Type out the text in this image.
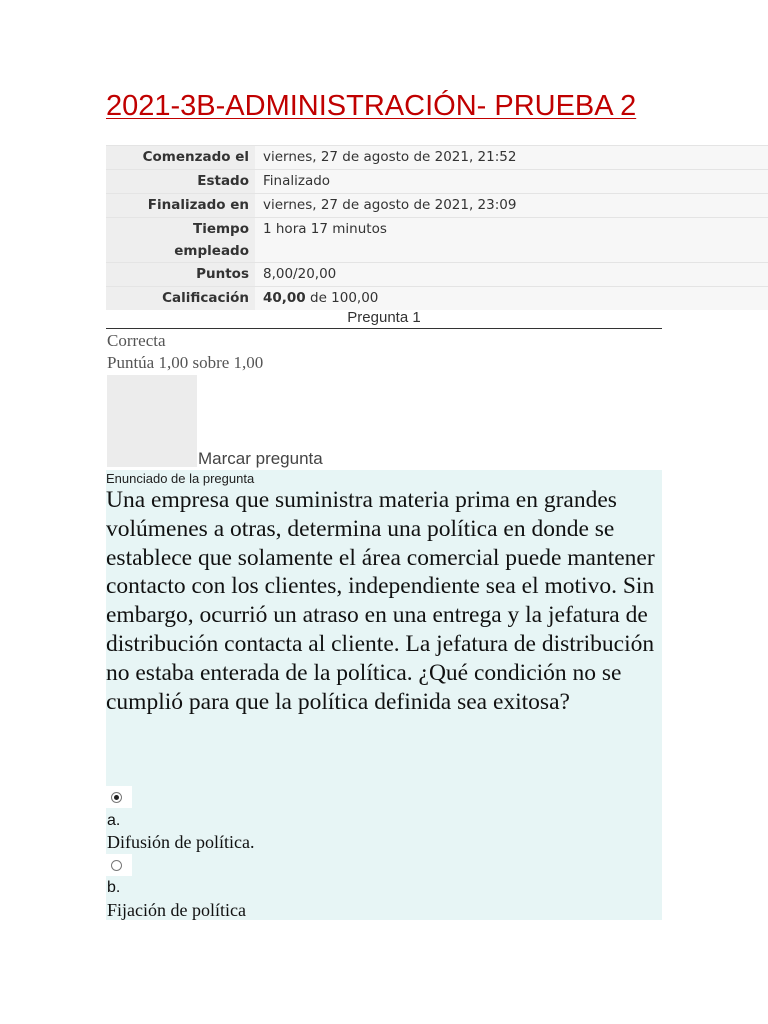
2021-3B-ADMINISTRACIÓN- PRUEBA 2
Comenzado el	viernes, 27 de agosto de 2021, 21:52
Estado	Finalizado
Finalizado en	viernes, 27 de agosto de 2021, 23:09
Tiempo
empleado	1 hora 17 minutos
Puntos	8,00/20,00
Calificación	40,00 de 100,00
Pregunta 1
Correcta
Puntúa 1,00 sobre 1,00
Marcar pregunta
Enunciado de la pregunta

Una empresa que suministra materia prima en grandes volúmenes a otras, determina una política en donde se establece que solamente el área comercial puede mantener contacto con los clientes, independiente sea el motivo. Sin embargo, ocurrió un atraso en una entrega y la jefatura de distribución contacta al cliente. La jefatura de distribución no estaba enterada de la política. ¿Qué condición no se cumplió para que la política definida sea exitosa?

a.
Difusión de política.
b.
Fijación de política
